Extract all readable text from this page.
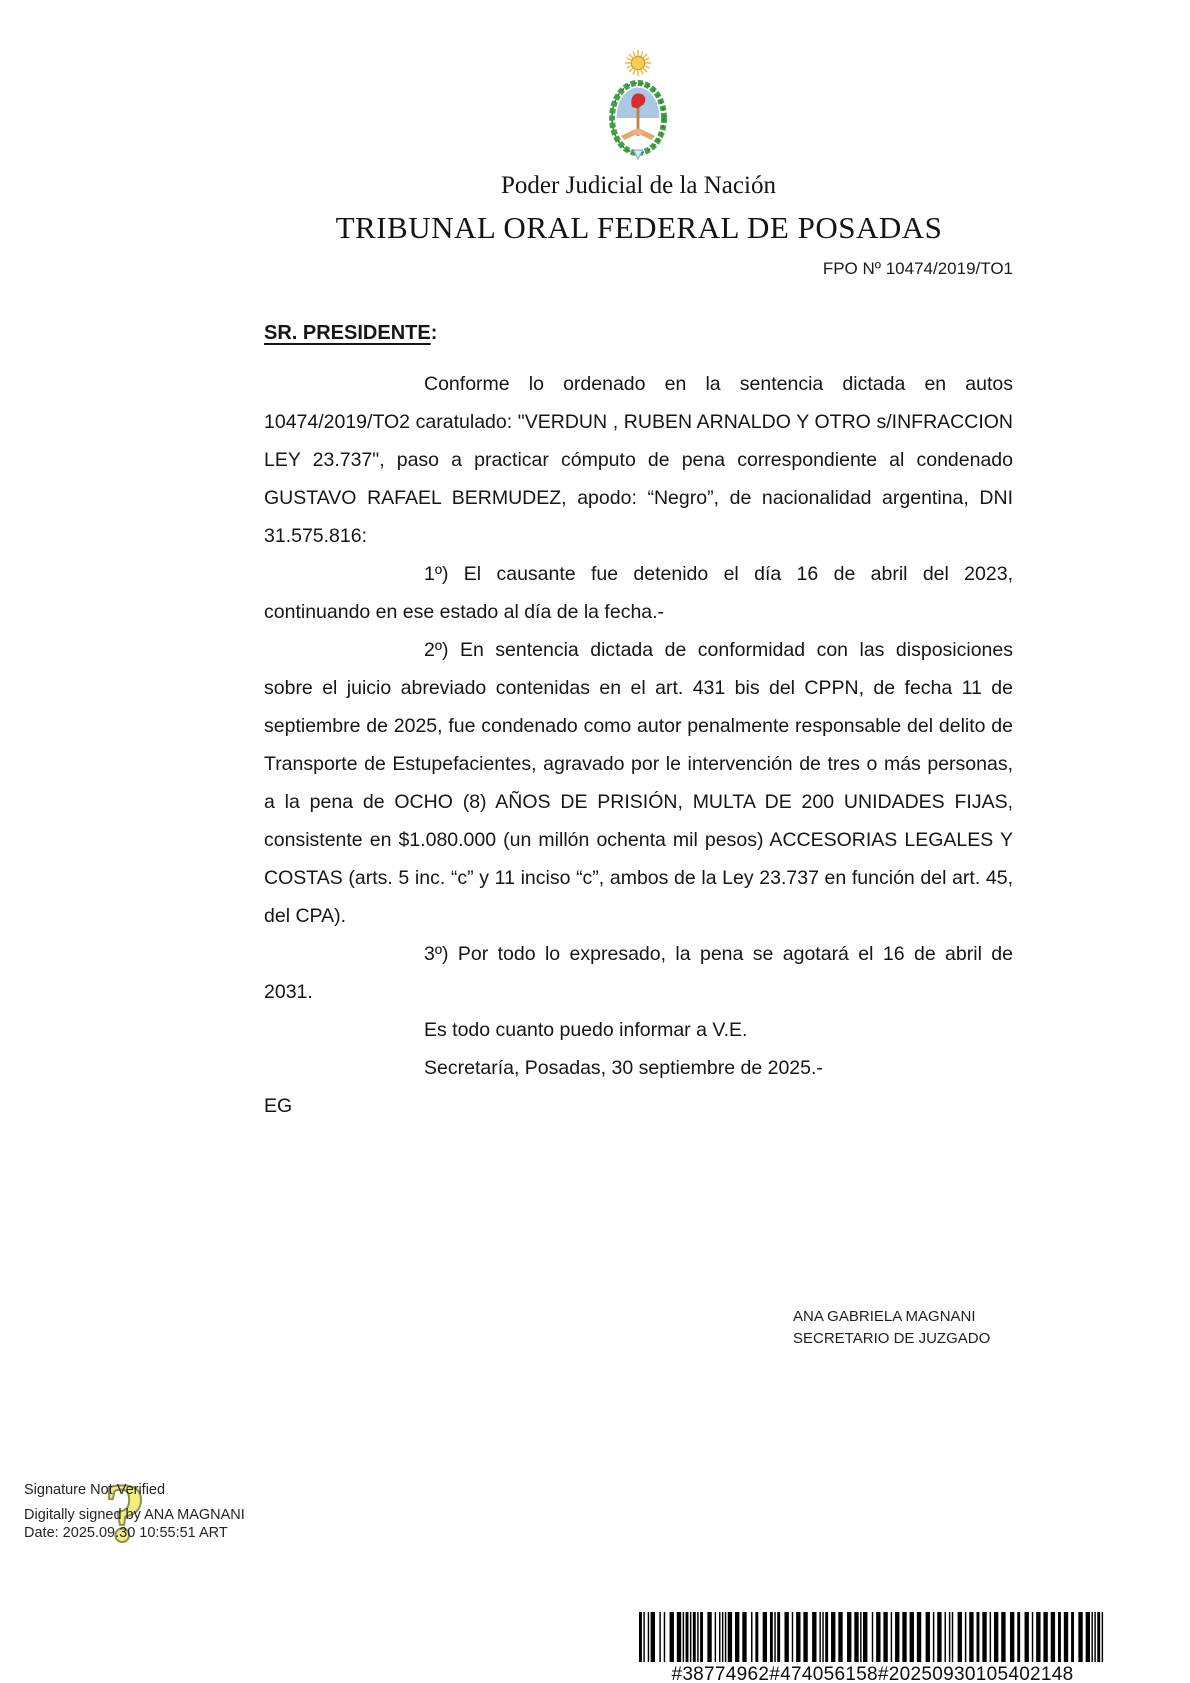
Poder Judicial de la Nación
TRIBUNAL ORAL FEDERAL DE POSADAS
FPO Nº 10474/2019/TO1
SR. PRESIDENTE:

Conforme lo ordenado en la sentencia dictada en autos 10474/2019/TO2 caratulado: "VERDUN , RUBEN ARNALDO Y OTRO s/INFRACCION LEY 23.737", paso a practicar cómputo de pena correspondiente al condenado GUSTAVO RAFAEL BERMUDEZ, apodo: “Negro”, de nacionalidad argentina, DNI 31.575.816:

1º) El causante fue detenido el día 16 de abril del 2023, continuando en ese estado al día de la fecha.-

2º) En sentencia dictada de conformidad con las disposiciones sobre el juicio abreviado contenidas en el art. 431 bis del CPPN, de fecha 11 de septiembre de 2025, fue condenado como autor penalmente responsable del delito de Transporte de Estupefacientes, agravado por le intervención de tres o más personas, a la pena de OCHO (8) AÑOS DE PRISIÓN, MULTA DE 200 UNIDADES FIJAS, consistente en $1.080.000 (un millón ochenta mil pesos) ACCESORIAS LEGALES Y COSTAS (arts. 5 inc. “c” y 11 inciso “c”, ambos de la Ley 23.737 en función del art. 45, del CPA).

3º) Por todo lo expresado, la pena se agotará el 16 de abril de 2031.

Es todo cuanto puedo informar a V.E.

Secretaría, Posadas, 30 septiembre de 2025.-

EG

ANA GABRIELA MAGNANI
SECRETARIO DE JUZGADO
?
Signature Not Verified
Digitally signed by ANA MAGNANI
Date: 2025.09.30 10:55:51 ART
#38774962#474056158#20250930105402148
